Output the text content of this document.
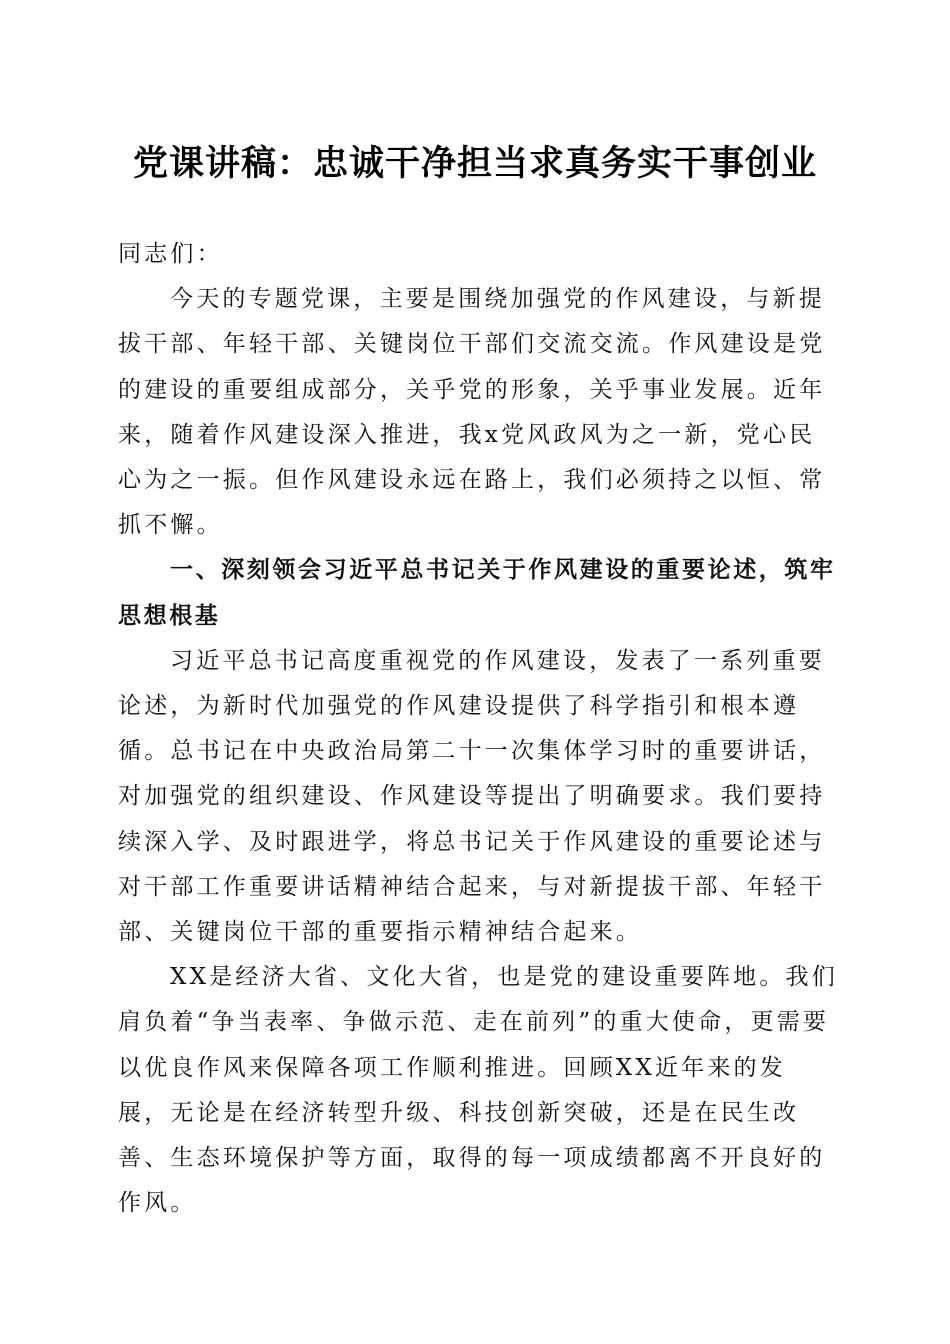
党课讲稿：忠诚干净担当求真务实干事创业

同志们：

今天的专题党课，主要是围绕加强党的作风建设，与新提拔干部、年轻干部、关键岗位干部们交流交流。作风建设是党的建设的重要组成部分，关乎党的形象，关乎事业发展。近年来，随着作风建设深入推进，我x党风政风为之一新，党心民心为之一振。但作风建设永远在路上，我们必须持之以恒、常抓不懈。

一、深刻领会习近平总书记关于作风建设的重要论述，筑牢思想根基

习近平总书记高度重视党的作风建设，发表了一系列重要论述，为新时代加强党的作风建设提供了科学指引和根本遵循。总书记在中央政治局第二十一次集体学习时的重要讲话，对加强党的组织建设、作风建设等提出了明确要求。我们要持续深入学、及时跟进学，将总书记关于作风建设的重要论述与对干部工作重要讲话精神结合起来，与对新提拔干部、年轻干部、关键岗位干部的重要指示精神结合起来。

XX是经济大省、文化大省，也是党的建设重要阵地。我们肩负着“争当表率、争做示范、走在前列”的重大使命，更需要以优良作风来保障各项工作顺利推进。回顾XX近年来的发展，无论是在经济转型升级、科技创新突破，还是在民生改善、生态环境保护等方面，取得的每一项成绩都离不开良好的作风。
